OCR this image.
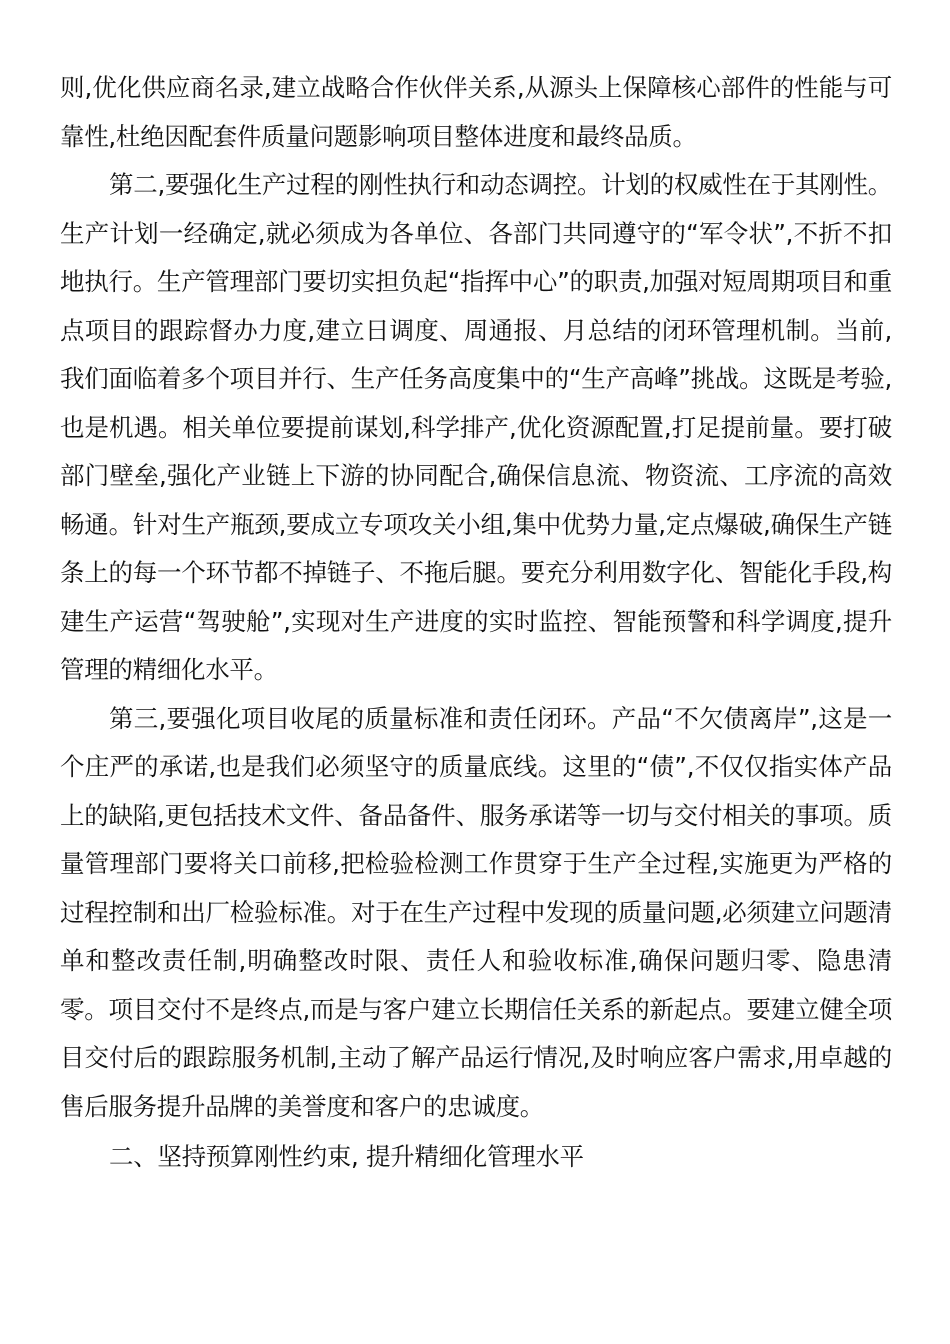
则,优化供应商名录,建立战略合作伙伴关系,从源头上保障核心部件的性能与可靠性,杜绝因配套件质量问题影响项目整体进度和最终品质。

第二,要强化生产过程的刚性执行和动态调控。计划的权威性在于其刚性。生产计划一经确定,就必须成为各单位、各部门共同遵守的“军令状”,不折不扣地执行。生产管理部门要切实担负起“指挥中心”的职责,加强对短周期项目和重点项目的跟踪督办力度,建立日调度、周通报、月总结的闭环管理机制。当前,我们面临着多个项目并行、生产任务高度集中的“生产高峰”挑战。这既是考验,也是机遇。相关单位要提前谋划,科学排产,优化资源配置,打足提前量。要打破部门壁垒,强化产业链上下游的协同配合,确保信息流、物资流、工序流的高效畅通。针对生产瓶颈,要成立专项攻关小组,集中优势力量,定点爆破,确保生产链条上的每一个环节都不掉链子、不拖后腿。要充分利用数字化、智能化手段,构建生产运营“驾驶舱”,实现对生产进度的实时监控、智能预警和科学调度,提升管理的精细化水平。

第三,要强化项目收尾的质量标准和责任闭环。产品“不欠债离岸”,这是一个庄严的承诺,也是我们必须坚守的质量底线。这里的“债”,不仅仅指实体产品上的缺陷,更包括技术文件、备品备件、服务承诺等一切与交付相关的事项。质量管理部门要将关口前移,把检验检测工作贯穿于生产全过程,实施更为严格的过程控制和出厂检验标准。对于在生产过程中发现的质量问题,必须建立问题清单和整改责任制,明确整改时限、责任人和验收标准,确保问题归零、隐患清零。项目交付不是终点,而是与客户建立长期信任关系的新起点。要建立健全项目交付后的跟踪服务机制,主动了解产品运行情况,及时响应客户需求,用卓越的售后服务提升品牌的美誉度和客户的忠诚度。

二、坚持预算刚性约束, 提升精细化管理水平
